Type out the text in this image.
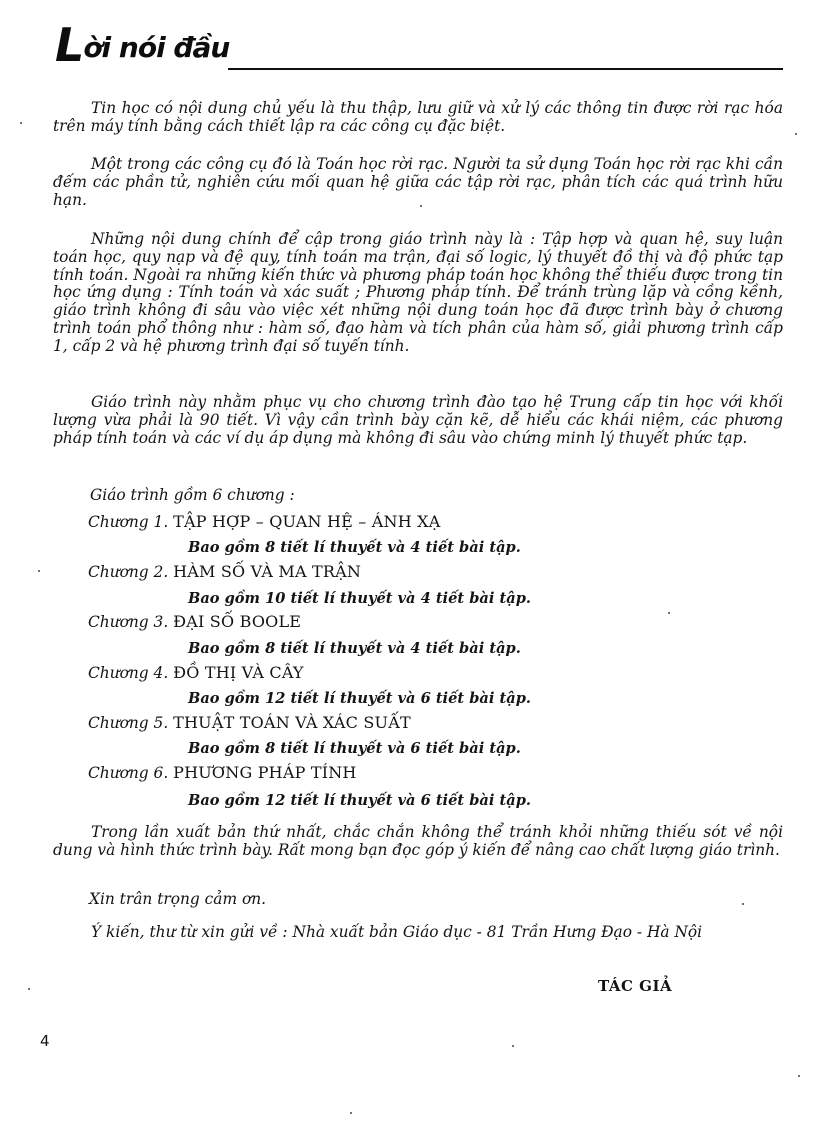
Lời nói đầu

Tin học có nội dung chủ yếu là thu thập, lưu giữ và xử lý các thông tin được rời rạc hóa trên máy tính bằng cách thiết lập ra các công cụ đặc biệt.

Một trong các công cụ đó là Toán học rời rạc. Người ta sử dụng Toán học rời rạc khi cần đếm các phần tử, nghiên cứu mối quan hệ giữa các tập rời rạc, phân tích các quá trình hữu hạn.

Những nội dung chính để cập trong giáo trình này là : Tập hợp và quan hệ, suy luận toán học, quy nạp và đệ quy, tính toán ma trận, đại số logic, lý thuyết đồ thị và độ phức tạp tính toán. Ngoài ra những kiến thức và phương pháp toán học không thể thiếu được trong tin học ứng dụng : Tính toán và xác suất ; Phương pháp tính. Để tránh trùng lặp và cồng kềnh, giáo trình không đi sâu vào việc xét những nội dung toán học đã được trình bày ở chương trình toán phổ thông như : hàm số, đạo hàm và tích phân của hàm số, giải phương trình cấp 1, cấp 2 và hệ phương trình đại số tuyến tính.

Giáo trình này nhằm phục vụ cho chương trình đào tạo hệ Trung cấp tin học với khối lượng vừa phải là 90 tiết. Vì vậy cần trình bày cặn kẽ, dễ hiểu các khái niệm, các phương pháp tính toán và các ví dụ áp dụng mà không đi sâu vào chứng minh lý thuyết phức tạp.

Giáo trình gồm 6 chương :
Chương 1. TẬP HỢP – QUAN HỆ – ÁNH XẠ
Bao gồm 8 tiết lí thuyết và 4 tiết bài tập.
Chương 2. HÀM SỐ VÀ MA TRẬN
Bao gồm 10 tiết lí thuyết và 4 tiết bài tập.
Chương 3. ĐẠI SỐ BOOLE
Bao gồm 8 tiết lí thuyết và 4 tiết bài tập.
Chương 4. ĐỒ THỊ VÀ CÂY
Bao gồm 12 tiết lí thuyết và 6 tiết bài tập.
Chương 5. THUẬT TOÁN VÀ XÁC SUẤT
Bao gồm 8 tiết lí thuyết và 6 tiết bài tập.
Chương 6. PHƯƠNG PHÁP TÍNH
Bao gồm 12 tiết lí thuyết và 6 tiết bài tập.

Trong lần xuất bản thứ nhất, chắc chắn không thể tránh khỏi những thiếu sót về nội dung và hình thức trình bày. Rất mong bạn đọc góp ý kiến để nâng cao chất lượng giáo trình.

Xin trân trọng cảm ơn.

Ý kiến, thư từ xin gửi về : Nhà xuất bản Giáo dục - 81 Trần Hưng Đạo - Hà Nội

TÁC GIẢ
4
